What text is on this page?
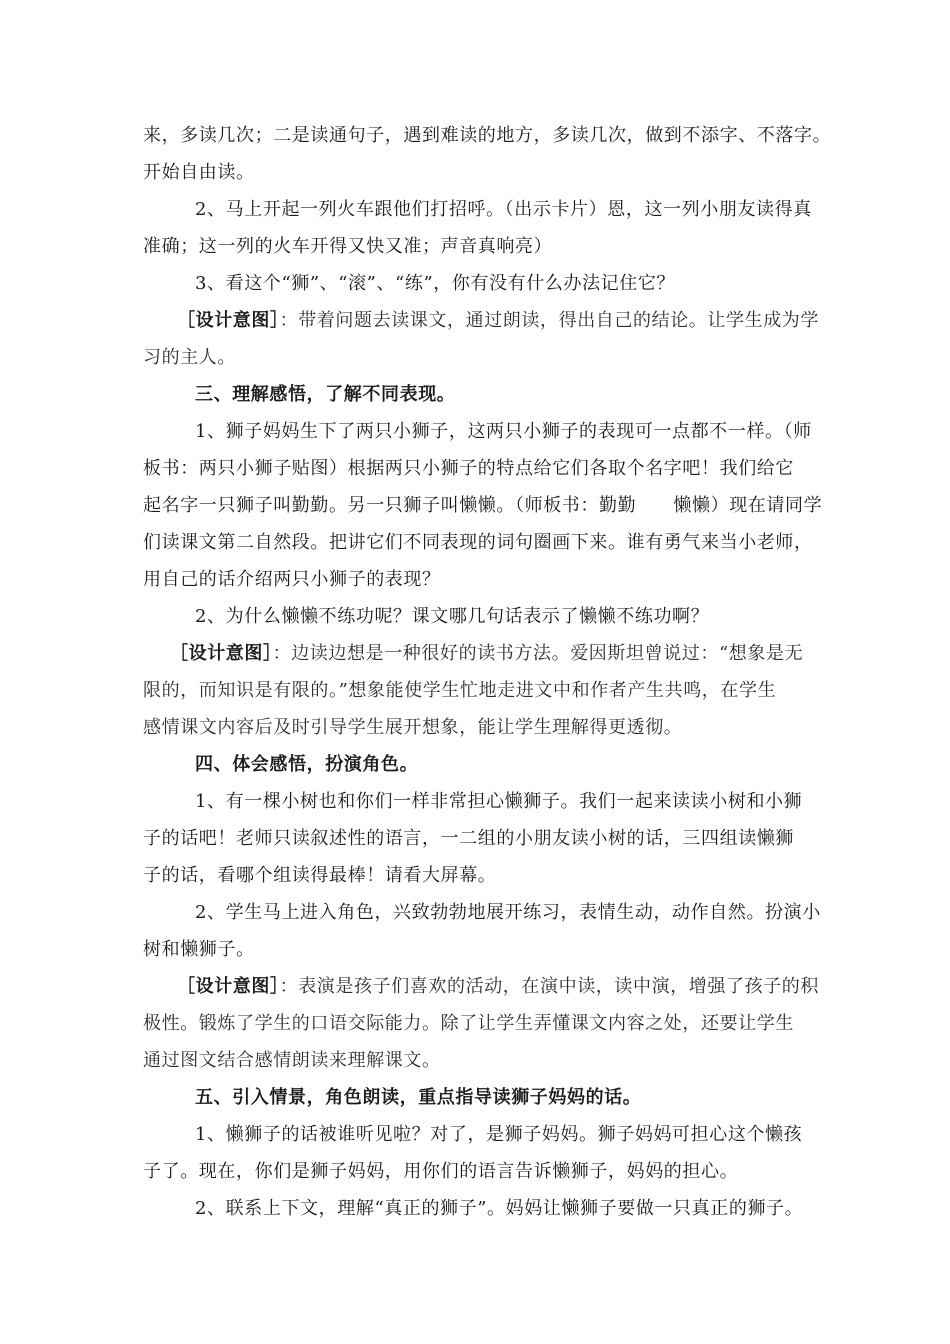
来，多读几次；二是读通句子，遇到难读的地方，多读几次，做到不添字、不落字。
开始自由读。
2、马上开起一列火车跟他们打招呼。（出示卡片）恩，这一列小朋友读得真
准确；这一列的火车开得又快又准；声音真响亮）
3、看这个“狮”、“滚”、“练”，你有没有什么办法记住它？
［设计意图］：带着问题去读课文，通过朗读，得出自己的结论。让学生成为学
习的主人。
三、理解感悟，了解不同表现。
1、狮子妈妈生下了两只小狮子，这两只小狮子的表现可一点都不一样。（师
板书：两只小狮子贴图）根据两只小狮子的特点给它们各取个名字吧！我们给它
起名字一只狮子叫勤勤。另一只狮子叫懒懒。（师板书：勤勤　　懒懒）现在请同学
们读课文第二自然段。把讲它们不同表现的词句圈画下来。谁有勇气来当小老师，
用自己的话介绍两只小狮子的表现？
2、为什么懒懒不练功呢？课文哪几句话表示了懒懒不练功啊？
［设计意图］：边读边想是一种很好的读书方法。爱因斯坦曾说过：“想象是无
限的，而知识是有限的。”想象能使学生忙地走进文中和作者产生共鸣，在学生
感情课文内容后及时引导学生展开想象，能让学生理解得更透彻。
四、体会感悟，扮演角色。
1、有一棵小树也和你们一样非常担心懒狮子。我们一起来读读小树和小狮
子的话吧！老师只读叙述性的语言，一二组的小朋友读小树的话，三四组读懒狮
子的话，看哪个组读得最棒！请看大屏幕。
2、学生马上进入角色，兴致勃勃地展开练习，表情生动，动作自然。扮演小
树和懒狮子。
［设计意图］：表演是孩子们喜欢的活动，在演中读，读中演，增强了孩子的积
极性。锻炼了学生的口语交际能力。除了让学生弄懂课文内容之处，还要让学生
通过图文结合感情朗读来理解课文。
五、引入情景，角色朗读，重点指导读狮子妈妈的话。
1、懒狮子的话被谁听见啦？对了，是狮子妈妈。狮子妈妈可担心这个懒孩
子了。现在，你们是狮子妈妈，用你们的语言告诉懒狮子，妈妈的担心。
2、联系上下文，理解“真正的狮子”。妈妈让懒狮子要做一只真正的狮子。
